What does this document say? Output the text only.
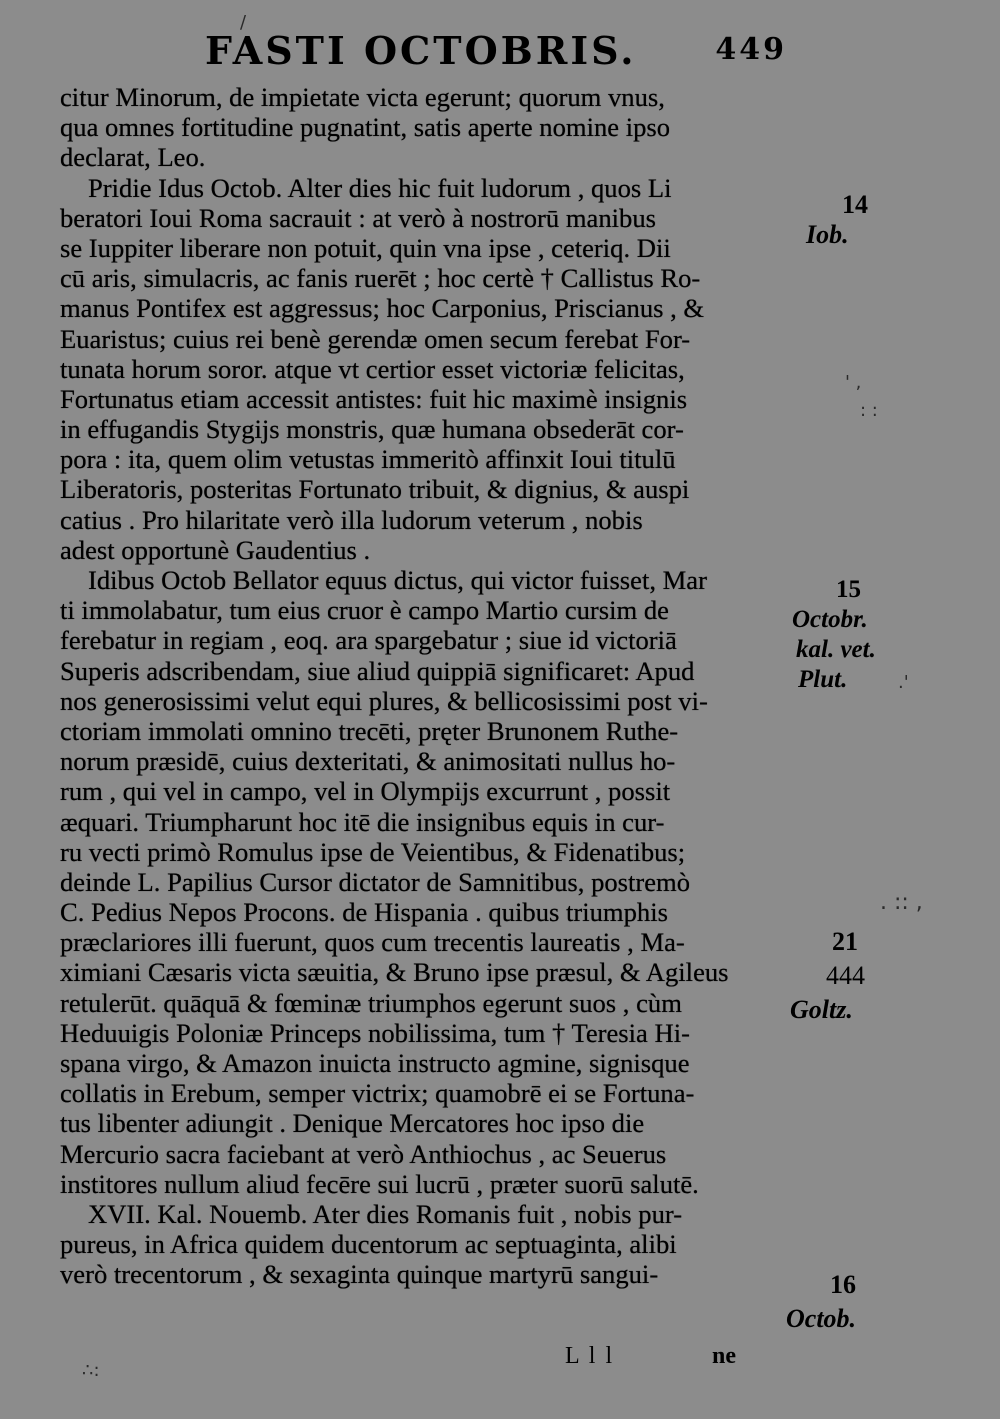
FASTI OCTOBRIS.	449
citur Minorum, de impietate victa egerunt; quorum vnus,
qua omnes fortitudine pugnatint, satis aperte nomine ipso
declarat, Leo.
Pridie Idus Octob. Alter dies hic fuit ludorum , quos Li
beratori Ioui Roma sacrauit : at verò à nostrorū manibus
se Iuppiter liberare non potuit, quin vna ipse , ceteriq. Dii
cū aris, simulacris, ac fanis ruerēt ; hoc certè † Callistus Ro-
manus Pontifex est aggressus; hoc Carponius, Priscianus , &
Euaristus; cuius rei benè gerendæ omen secum ferebat For-
tunata horum soror. atque vt certior esset victoriæ felicitas,
Fortunatus etiam accessit antistes: fuit hic maximè insignis
in effugandis Stygijs monstris, quæ humana obsederāt cor-
pora : ita, quem olim vetustas immeritò affinxit Ioui titulū
Liberatoris, posteritas Fortunato tribuit, & dignius, & auspi
catius . Pro hilaritate verò illa ludorum veterum , nobis
adest opportunè Gaudentius .
Idibus Octob Bellator equus dictus, qui victor fuisset, Mar
ti immolabatur, tum eius cruor è campo Martio cursim de
ferebatur in regiam , eoq. ara spargebatur ; siue id victoriā
Superis adscribendam, siue aliud quippiā significaret: Apud
nos generosissimi velut equi plures, & bellicosissimi post vi-
ctoriam immolati omnino trecēti, pręter Brunonem Ruthe-
norum præsidē, cuius dexteritati, & animositati nullus ho-
rum , qui vel in campo, vel in Olympijs excurrunt , possit
æquari. Triumpharunt hoc itē die insignibus equis in cur-
ru vecti primò Romulus ipse de Veientibus, & Fidenatibus;
deinde L. Papilius Cursor dictator de Samnitibus, postremò
C. Pedius Nepos Procons. de Hispania . quibus triumphis
præclariores illi fuerunt, quos cum trecentis laureatis , Ma-
ximiani Cæsaris victa sæuitia, & Bruno ipse præsul, & Agileus
retulerūt. quāquā & fœminæ triumphos egerunt suos , cùm
Heduuigis Poloniæ Princeps nobilissima, tum † Teresia Hi-
spana virgo, & Amazon inuicta instructo agmine, signisque
collatis in Erebum, semper victrix; quamobrē ei se Fortuna-
tus libenter adiungit . Denique Mercatores hoc ipso die
Mercurio sacra faciebant at verò Anthiochus , ac Seuerus
institores nullum aliud fecēre sui lucrū , præter suorū salutē.
XVII. Kal. Nouemb. Ater dies Romanis fuit , nobis pur-
pureus, in Africa quidem ducentorum ac septuaginta, alibi
verò trecentorum , & sexaginta quinque martyrū sangui-
14
Iob.
15
Octobr.
kal. vet.
Plut.
21
444
Goltz.
16
Octob.
L l l	ne
' ,
: :
.'
. :: ,
∴:
/
